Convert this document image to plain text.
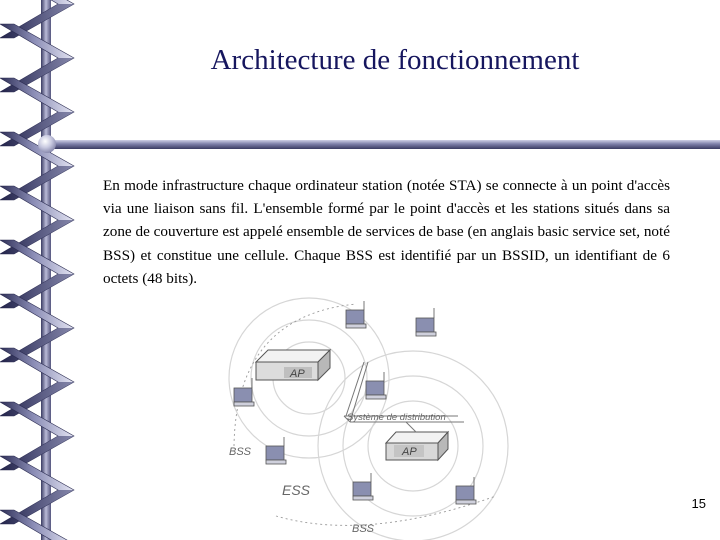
Architecture de fonctionnement

En mode infrastructure chaque ordinateur station (notée STA) se connecte à un point d'accès via une liaison sans fil. L'ensemble formé par le point d'accès et les stations situés dans sa zone de couverture est appelé ensemble de services de base (en anglais basic service set, noté BSS) et constitue une cellule. Chaque BSS est identifié par un BSSID, un identifiant de 6 octets (48 bits).

AP
AP
Système de distribution
BSS
ESS
BSS
15
